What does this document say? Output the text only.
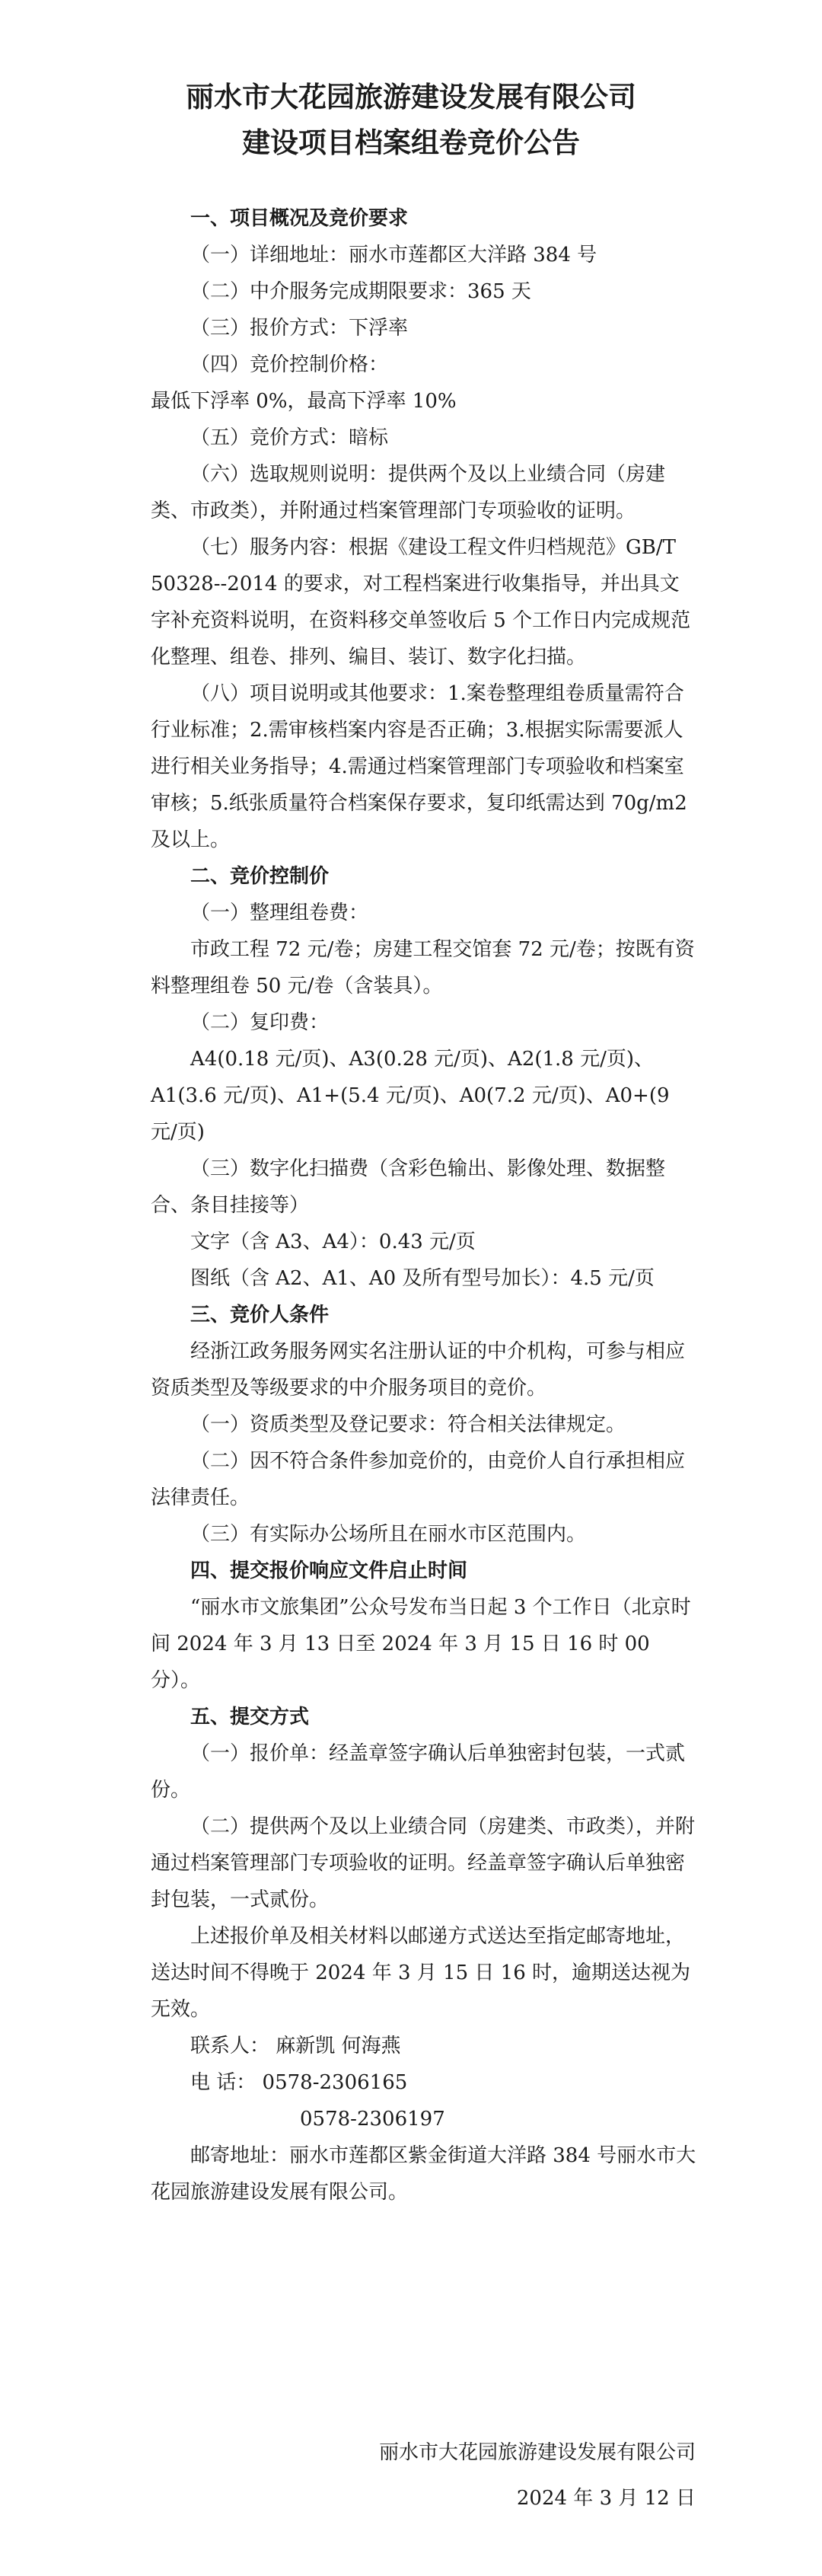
丽水市大花园旅游建设发展有限公司
建设项目档案组卷竞价公告

一、项目概况及竞价要求

（一）详细地址：丽水市莲都区大洋路 384 号

（二）中介服务完成期限要求：365 天

（三）报价方式：下浮率

（四）竞价控制价格：

最低下浮率 0%，最高下浮率 10%

（五）竞价方式：暗标

（六）选取规则说明：提供两个及以上业绩合同（房建类、市政类），并附通过档案管理部门专项验收的证明。

（七）服务内容：根据《建设工程文件归档规范》GB/T 50328--2014 的要求，对工程档案进行收集指导，并出具文字补充资料说明，在资料移交单签收后 5 个工作日内完成规范化整理、组卷、排列、编目、装订、数字化扫描。

（八）项目说明或其他要求：1.案卷整理组卷质量需符合行业标准；2.需审核档案内容是否正确；3.根据实际需要派人进行相关业务指导；4.需通过档案管理部门专项验收和档案室审核；5.纸张质量符合档案保存要求，复印纸需达到 70g/m2 及以上。

二、竞价控制价

（一）整理组卷费：

市政工程 72 元/卷；房建工程交馆套 72 元/卷；按既有资料整理组卷 50 元/卷（含装具）。

（二）复印费：

A4(0.18 元/页)、A3(0.28 元/页)、A2(1.8 元/页)、A1(3.6 元/页)、A1+(5.4 元/页)、A0(7.2 元/页)、A0+(9 元/页)

（三）数字化扫描费（含彩色输出、影像处理、数据整合、条目挂接等）

文字（含 A3、A4）：0.43 元/页

图纸（含 A2、A1、A0 及所有型号加长）：4.5 元/页

三、竞价人条件

经浙江政务服务网实名注册认证的中介机构，可参与相应资质类型及等级要求的中介服务项目的竞价。

（一）资质类型及登记要求：符合相关法律规定。

（二）因不符合条件参加竞价的，由竞价人自行承担相应法律责任。

（三）有实际办公场所且在丽水市区范围内。

四、提交报价响应文件启止时间

“丽水市文旅集团”公众号发布当日起 3 个工作日（北京时间 2024 年 3 月 13 日至 2024 年 3 月 15 日 16 时 00 分）。

五、提交方式

（一）报价单：经盖章签字确认后单独密封包装，一式贰份。

（二）提供两个及以上业绩合同（房建类、市政类），并附通过档案管理部门专项验收的证明。经盖章签字确认后单独密封包装，一式贰份。

上述报价单及相关材料以邮递方式送达至指定邮寄地址，送达时间不得晚于 2024 年 3 月 15 日 16 时，逾期送达视为无效。

联系人： 麻新凯 何海燕

电 话： 0578-2306165

0578-2306197

邮寄地址：丽水市莲都区紫金街道大洋路 384 号丽水市大花园旅游建设发展有限公司。

丽水市大花园旅游建设发展有限公司

2024 年 3 月 12 日
